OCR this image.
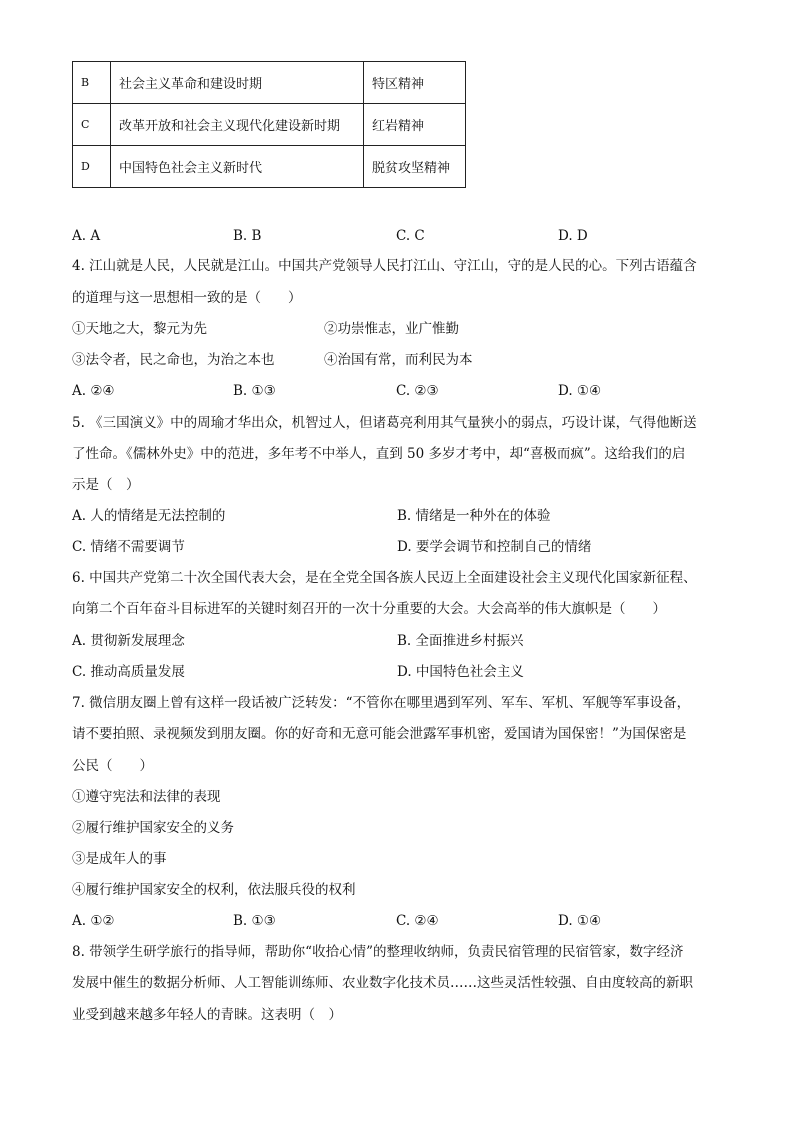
B	社会主义革命和建设时期	特区精神
C	改革开放和社会主义现代化建设新时期	红岩精神
D	中国特色社会主义新时代	脱贫攻坚精神
A. A	B. B	C. C	D. D
4. 江山就是人民，人民就是江山。中国共产党领导人民打江山、守江山，守的是人民的心。下列古语蕴含
的道理与这一思想相一致的是（　　）
①天地之大，黎元为先	②功崇惟志，业广惟勤
③法令者，民之命也，为治之本也	④治国有常，而利民为本
A. ②④	B. ①③	C. ②③	D. ①④
5. 《三国演义》中的周瑜才华出众，机智过人，但诸葛亮利用其气量狭小的弱点，巧设计谋，气得他断送
了性命。《儒林外史》中的范进，多年考不中举人，直到 50 多岁才考中，却“喜极而疯”。这给我们的启
示是（　）
A. 人的情绪是无法控制的	B. 情绪是一种外在的体验
C. 情绪不需要调节	D. 要学会调节和控制自己的情绪
6. 中国共产党第二十次全国代表大会，是在全党全国各族人民迈上全面建设社会主义现代化国家新征程、
向第二个百年奋斗目标进军的关键时刻召开的一次十分重要的大会。大会高举的伟大旗帜是（　　）
A. 贯彻新发展理念	B. 全面推进乡村振兴
C. 推动高质量发展	D. 中国特色社会主义
7. 微信朋友圈上曾有这样一段话被广泛转发：“不管你在哪里遇到军列、军车、军机、军舰等军事设备，
请不要拍照、录视频发到朋友圈。你的好奇和无意可能会泄露军事机密，爱国请为国保密！”为国保密是
公民（　　）
①遵守宪法和法律的表现
②履行维护国家安全的义务
③是成年人的事
④履行维护国家安全的权利，依法服兵役的权利
A. ①②	B. ①③	C. ②④	D. ①④
8. 带领学生研学旅行的指导师，帮助你“收拾心情”的整理收纳师，负责民宿管理的民宿管家，数字经济
发展中催生的数据分析师、人工智能训练师、农业数字化技术员……这些灵活性较强、自由度较高的新职
业受到越来越多年轻人的青睐。这表明（　）
